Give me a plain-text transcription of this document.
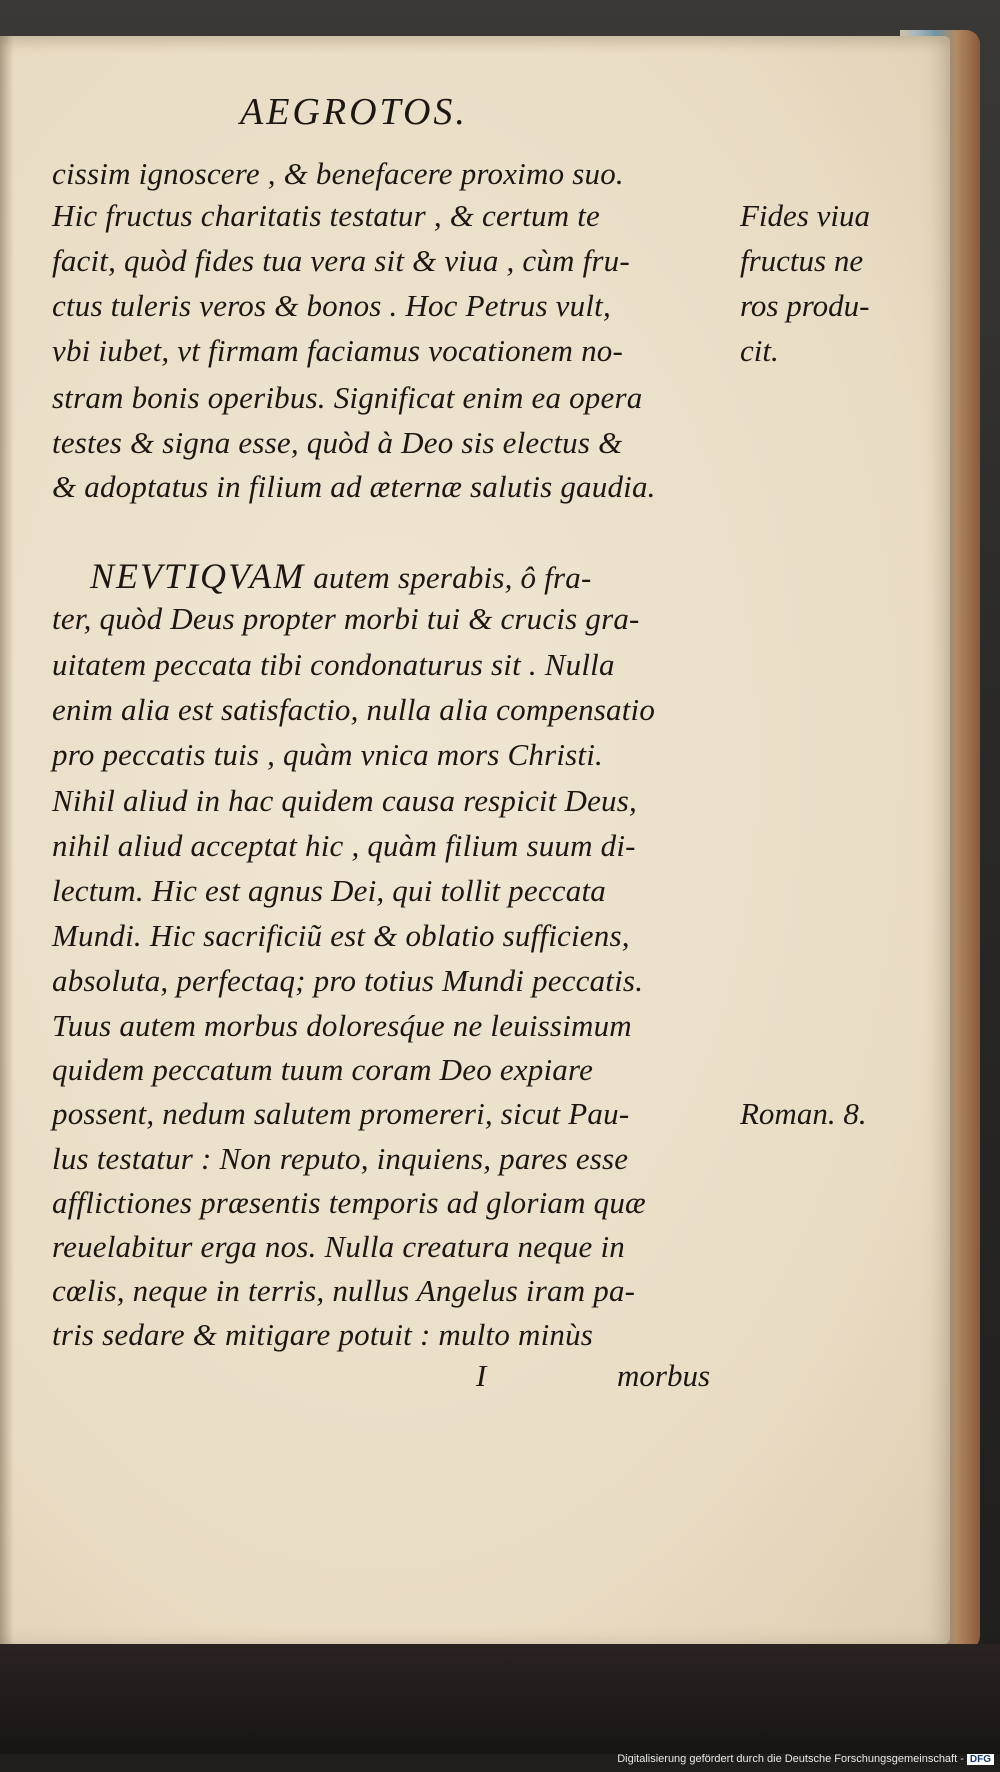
AEGROTOS.
cissim ignoscere , & benefacere proximo suo.
Hic fructus charitatis testatur , & certum te
facit, quòd fides tua vera sit & viua , cùm fru-
ctus tuleris veros & bonos . Hoc Petrus vult,
vbi iubet, vt firmam faciamus vocationem no-
stram bonis operibus. Significat enim ea opera
testes & signa esse, quòd à Deo sis electus &
& adoptatus in filium ad æternæ salutis gaudia.
NEVTIQVAM autem sperabis, ô fra-
ter, quòd Deus propter morbi tui & crucis gra-
uitatem peccata tibi condonaturus sit . Nulla
enim alia est satisfactio, nulla alia compensatio
pro peccatis tuis , quàm vnica mors Christi.
Nihil aliud in hac quidem causa respicit Deus,
nihil aliud acceptat hic , quàm filium suum di-
lectum. Hic est agnus Dei, qui tollit peccata
Mundi. Hic sacrificiũ est & oblatio sufficiens,
absoluta, perfectaq; pro totius Mundi peccatis.
Tuus autem morbus doloresq́ue ne leuissimum
quidem peccatum tuum coram Deo expiare
possent, nedum salutem promereri, sicut Pau-
lus testatur : Non reputo, inquiens, pares esse
afflictiones præsentis temporis ad gloriam quæ
reuelabitur erga nos. Nulla creatura neque in
cœlis, neque in terris, nullus Angelus iram pa-
tris sedare & mitigare potuit : multo minùs
I	morbus
Fides viua
fructus ne
ros produ-
cit.
Roman. 8.
Digitalisierung gefördert durch die Deutsche Forschungsgemeinschaft - DFG
